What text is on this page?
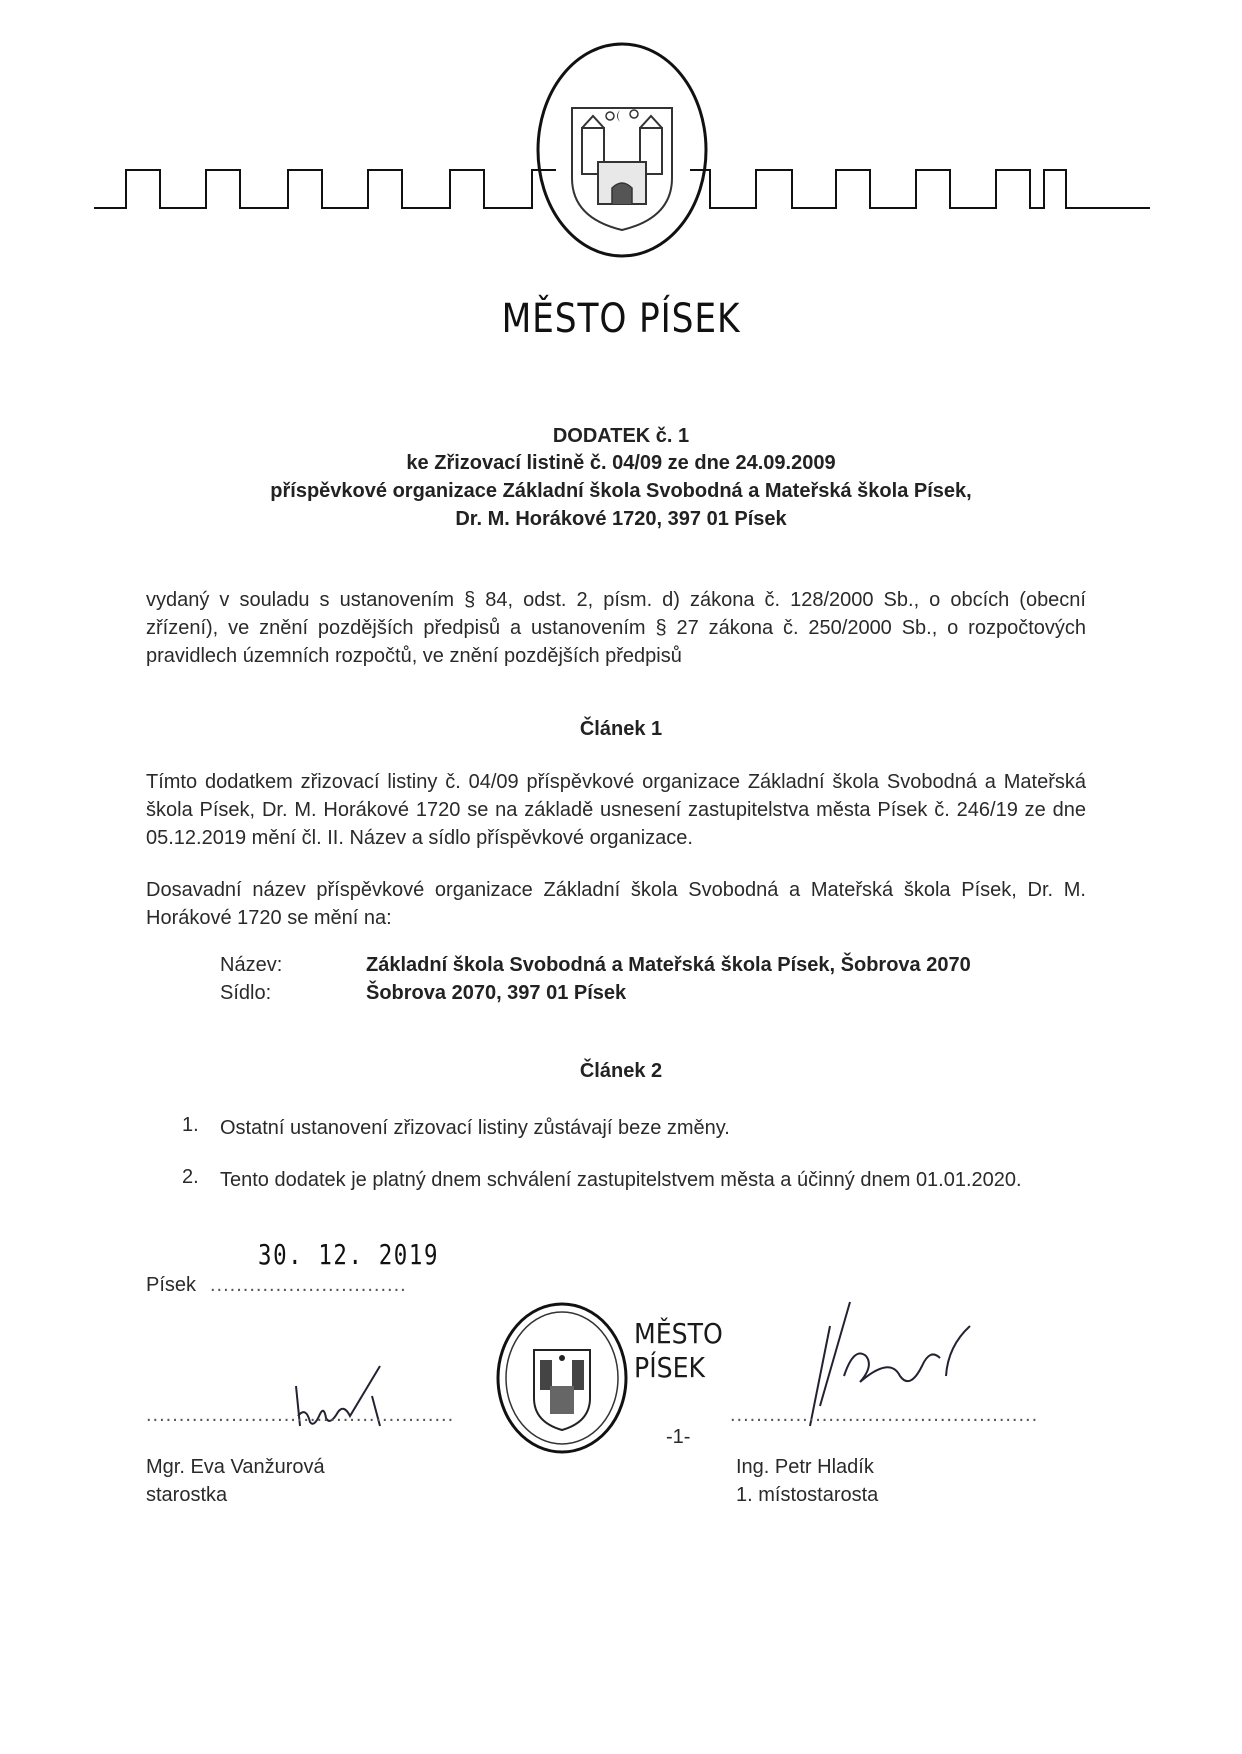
MĚSTO PÍSEK
DODATEK č. 1
ke Zřizovací listině č. 04/09 ze dne 24.09.2009
příspěvkové organizace Základní škola Svobodná a Mateřská škola Písek,
Dr. M. Horákové 1720, 397 01 Písek
vydaný v souladu s ustanovením § 84, odst. 2, písm. d) zákona č. 128/2000 Sb., o obcích (obecní zřízení), ve znění pozdějších předpisů a ustanovením § 27 zákona č. 250/2000 Sb., o rozpočtových pravidlech územních rozpočtů, ve znění pozdějších předpisů
Článek 1
Tímto dodatkem zřizovací listiny č. 04/09 příspěvkové organizace Základní škola Svobodná a Mateřská škola Písek, Dr. M. Horákové 1720 se na základě usnesení zastupitelstva města Písek č. 246/19 ze dne 05.12.2019 mění čl. II. Název a sídlo příspěvkové organizace.
Dosavadní název příspěvkové organizace Základní škola Svobodná a Mateřská škola Písek, Dr. M. Horákové 1720 se mění na:
Název:	Základní škola Svobodná a Mateřská škola Písek, Šobrova 2070
Sídlo:	Šobrova 2070, 397 01 Písek
Článek 2
1. Ostatní ustanovení zřizovací listiny zůstávají beze změny.
2. Tento dodatek je platný dnem schválení zastupitelstvem města a účinný dnem 01.01.2020.
30. 12. 2019
Písek ..............................
MĚSTO
PÍSEK
...............................................	...............................................
-1-
Mgr. Eva Vanžurová
starostka
Ing. Petr Hladík
1. místostarosta
